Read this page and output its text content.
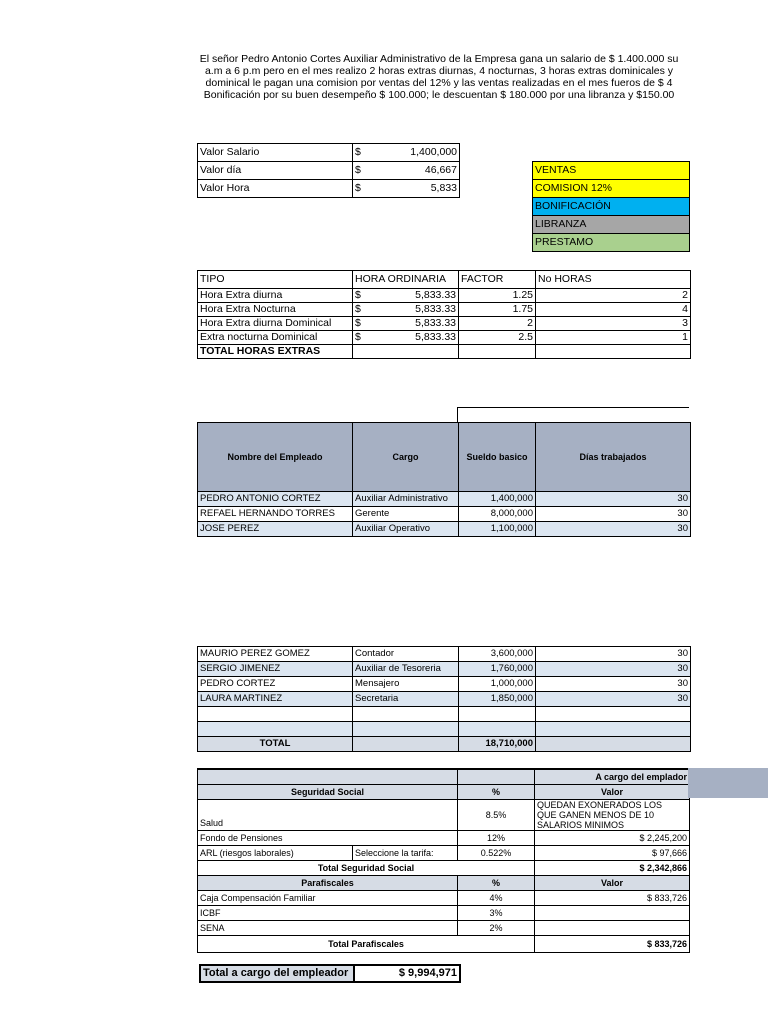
El señor Pedro Antonio Cortes Auxiliar Administrativo de la Empresa gana un salario de $ 1.400.000 su
a.m a 6 p.m pero en el mes realizo 2 horas extras diurnas, 4 nocturnas, 3 horas extras dominicales y
dominical le pagan una comision por ventas del 12% y las ventas realizadas en el mes fueros de $ 4
Bonificación por su buen desempeño $ 100.000; le descuentan $ 180.000 por una libranza y $150.00
Valor Salario	$	1,400,000
Valor día	$	46,667
Valor Hora	$	5,833
VENTAS
COMISION 12%
BONIFICACIÓN
LIBRANZA
PRESTAMO
TIPO	HORA ORDINARIA		FACTOR	No HORAS
Hora Extra diurna	$	5,833.33	1.25	2
Hora Extra Nocturna	$	5,833.33	1.75	4
Hora Extra diurna Dominical	$	5,833.33	2	3
Extra nocturna Dominical	$	5,833.33	2.5	1
TOTAL HORAS EXTRAS				
Nombre del Empleado	Cargo	Sueldo basico	Días trabajados
PEDRO ANTONIO CORTEZ	Auxiliar Administrativo	1,400,000	30
REFAEL HERNANDO TORRES	Gerente	8,000,000	30
JOSE PEREZ	Auxiliar Operativo	1,100,000	30
MAURIO PEREZ GOMEZ	Contador	3,600,000	30
SERGIO JIMENEZ	Auxiliar de Tesoreria	1,760,000	30
PEDRO CORTEZ	Mensajero	1,000,000	30
LAURA MARTINEZ	Secretaria	1,850,000	30

TOTAL		18,710,000	
			A cargo del emplador
Seguridad Social		%	Valor
Salud		8.5%	QUEDAN EXONERADOS LOS
QUE GANEN MENOS DE 10
SALARIOS MINIMOS

Fondo de Pensiones		12%	$ 2,245,200
ARL (riesgos laborales)	Seleccione la tarifa:	0.522%	$ 97,666
Total Seguridad Social			$ 2,342,866
Parafiscales		%	Valor
Caja Compensación Familiar		4%	$ 833,726
ICBF		3%	
SENA		2%	
Total Parafiscales			$ 833,726
Total a cargo del empleador	$ 9,994,971
